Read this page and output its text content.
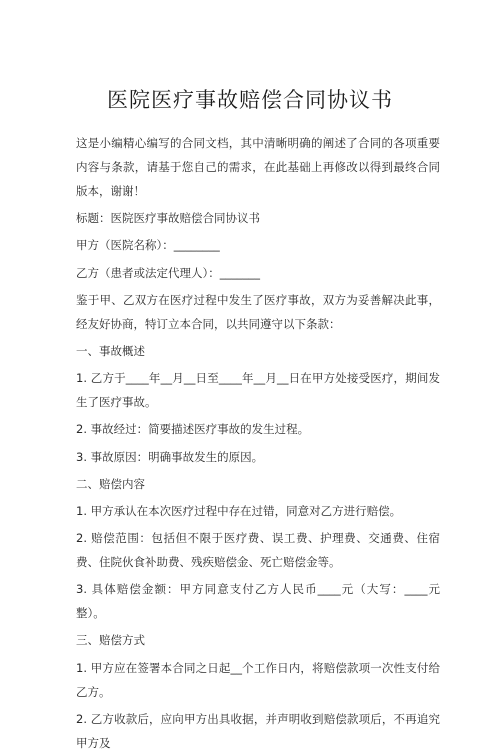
医院医疗事故赔偿合同协议书

这是小编精心编写的合同文档，其中清晰明确的阐述了合同的各项重要内容与条款，请基于您自己的需求，在此基础上再修改以得到最终合同版本，谢谢！

标题：医院医疗事故赔偿合同协议书

甲方（医院名称）：________

乙方（患者或法定代理人）：_______

鉴于甲、乙双方在医疗过程中发生了医疗事故，双方为妥善解决此事，经友好协商，特订立本合同，以共同遵守以下条款：

一、事故概述

1. 乙方于____年__月__日至____年__月__日在甲方处接受医疗，期间发生了医疗事故。

2. 事故经过：简要描述医疗事故的发生过程。

3. 事故原因：明确事故发生的原因。

二、赔偿内容

1. 甲方承认在本次医疗过程中存在过错，同意对乙方进行赔偿。

2. 赔偿范围：包括但不限于医疗费、误工费、护理费、交通费、住宿费、住院伙食补助费、残疾赔偿金、死亡赔偿金等。

3. 具体赔偿金额：甲方同意支付乙方人民币____元（大写：____元整）。

三、赔偿方式

1. 甲方应在签署本合同之日起__个工作日内，将赔偿款项一次性支付给乙方。

2. 乙方收款后，应向甲方出具收据，并声明收到赔偿款项后，不再追究甲方及
